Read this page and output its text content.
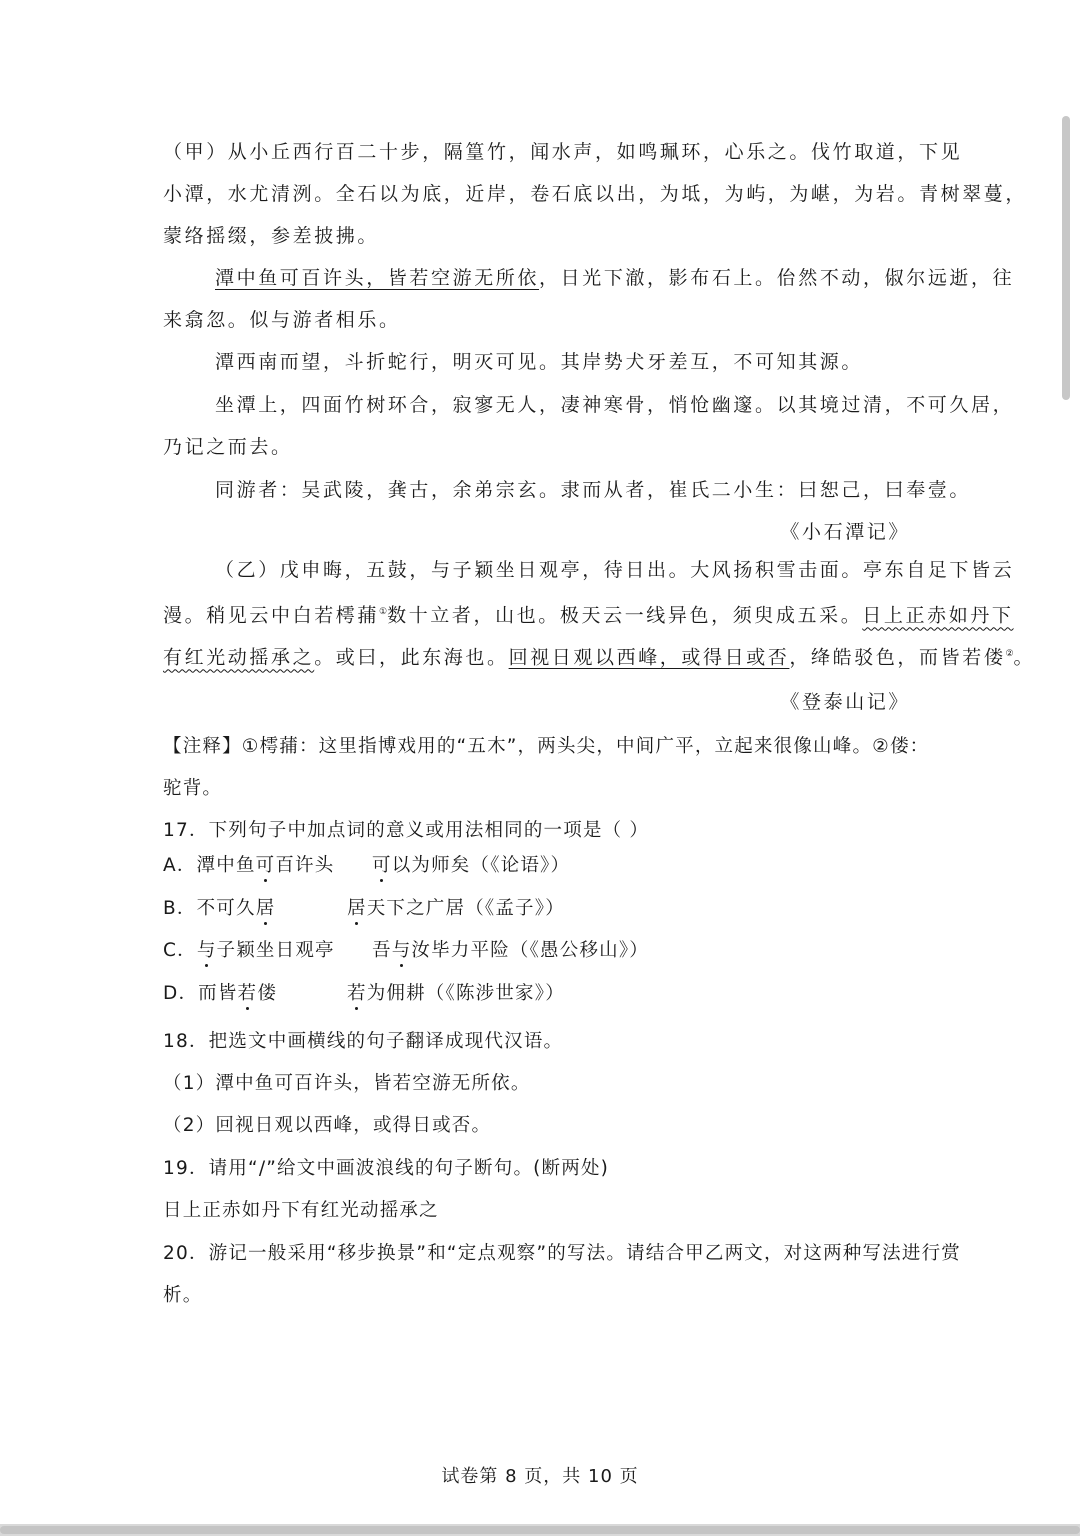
（甲）从小丘西行百二十步，隔篁竹，闻水声，如鸣珮环，心乐之。伐竹取道，下见
小潭，水尤清洌。全石以为底，近岸，卷石底以出，为坻，为屿，为嵁，为岩。青树翠蔓，
蒙络摇缀，参差披拂。
潭中鱼可百许头，皆若空游无所依，日光下澈，影布石上。佁然不动，俶尔远逝，往
来翕忽。似与游者相乐。
潭西南而望，斗折蛇行，明灭可见。其岸势犬牙差互，不可知其源。
坐潭上，四面竹树环合，寂寥无人，凄神寒骨，悄怆幽邃。以其境过清，不可久居，
乃记之而去。
同游者：吴武陵，龚古，余弟宗玄。隶而从者，崔氏二小生：曰恕己，曰奉壹。
《小石潭记》
（乙）戊申晦，五鼓，与子颖坐日观亭，待日出。大风扬积雪击面。亭东自足下皆云
漫。稍见云中白若樗蒱①数十立者，山也。极天云一线异色，须臾成五采。日上正赤如丹下
有红光动摇承之。或曰，此东海也。回视日观以西峰，或得日或否，绛皓驳色，而皆若偻②。
《登泰山记》
【注释】①樗蒱：这里指博戏用的“五木”，两头尖，中间广平，立起来很像山峰。②偻：
驼背。
17．下列句子中加点词的意义或用法相同的一项是（ ）
A．潭中鱼可百许头 可以为师矣（《论语》）
B．不可久居	居天下之广居（《孟子》）
C．与子颖坐日观亭 吾与汝毕力平险（《愚公移山》）
D．而皆若偻	若为佣耕（《陈涉世家》）
18．把选文中画横线的句子翻译成现代汉语。
（1）潭中鱼可百许头，皆若空游无所依。
（2）回视日观以西峰，或得日或否。
19．请用“/”给文中画波浪线的句子断句。(断两处)
日上正赤如丹下有红光动摇承之
20．游记一般采用“移步换景”和“定点观察”的写法。请结合甲乙两文，对这两种写法进行赏
析。
试卷第 8 页，共 10 页
